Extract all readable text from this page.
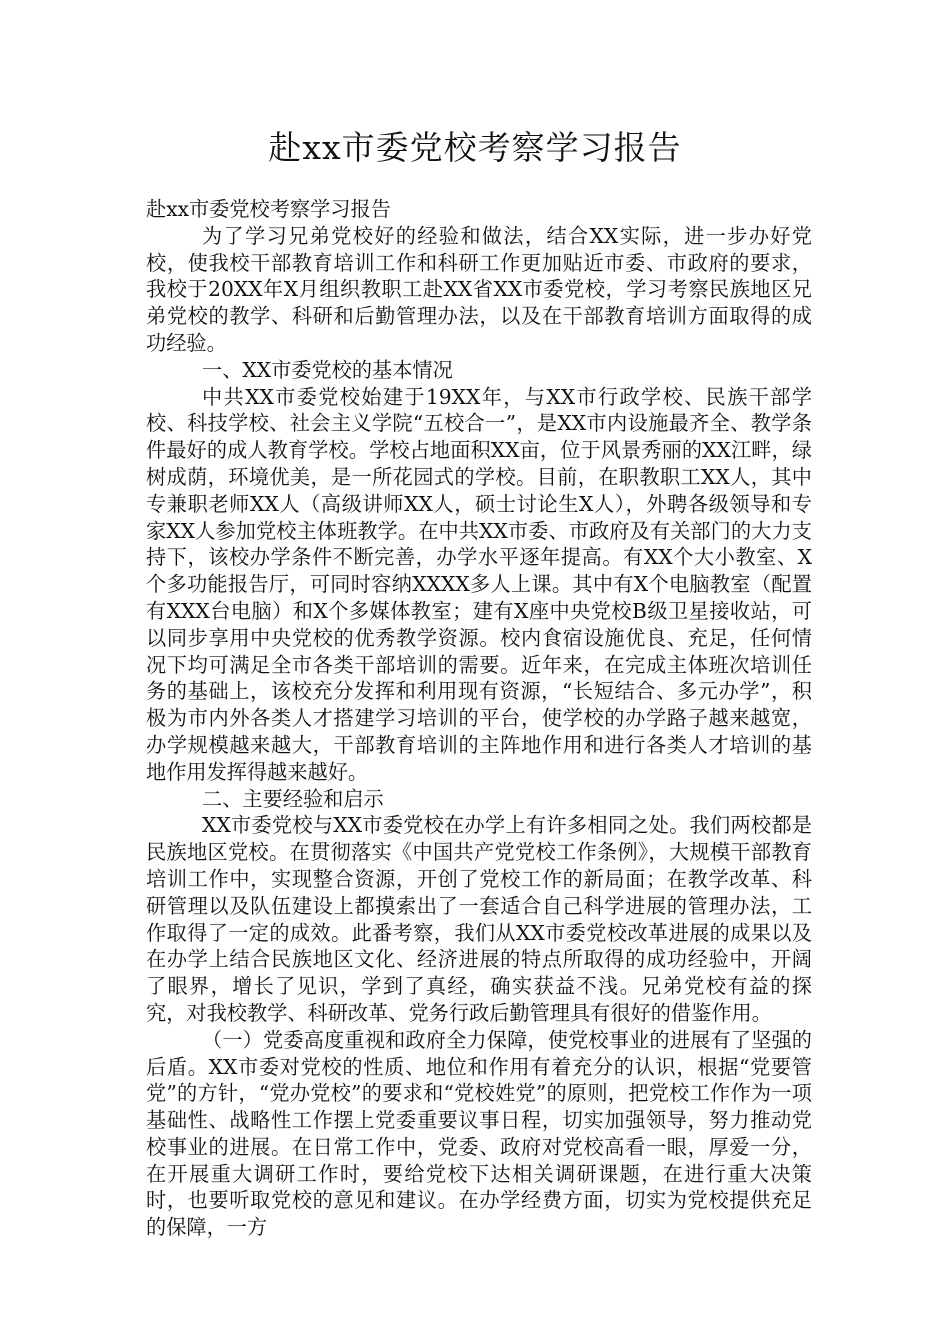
赴xx市委党校考察学习报告

赴xx市委党校考察学习报告

为了学习兄弟党校好的经验和做法，结合XX实际，进一步办好党校，使我校干部教育培训工作和科研工作更加贴近市委、市政府的要求，我校于20XX年X月组织教职工赴XX省XX市委党校，学习考察民族地区兄弟党校的教学、科研和后勤管理办法，以及在干部教育培训方面取得的成功经验。

一、XX市委党校的基本情况

中共XX市委党校始建于19XX年，与XX市行政学校、民族干部学校、科技学校、社会主义学院“五校合一”，是XX市内设施最齐全、教学条件最好的成人教育学校。学校占地面积XX亩，位于风景秀丽的XX江畔，绿树成荫，环境优美，是一所花园式的学校。目前，在职教职工XX人，其中专兼职老师XX人（高级讲师XX人，硕士讨论生X人），外聘各级领导和专家XX人参加党校主体班教学。在中共XX市委、市政府及有关部门的大力支持下，该校办学条件不断完善，办学水平逐年提高。有XX个大小教室、X个多功能报告厅，可同时容纳XXXX多人上课。其中有X个电脑教室（配置有XXX台电脑）和X个多媒体教室；建有X座中央党校B级卫星接收站，可以同步享用中央党校的优秀教学资源。校内食宿设施优良、充足，任何情况下均可满足全市各类干部培训的需要。近年来，在完成主体班次培训任务的基础上，该校充分发挥和利用现有资源，“长短结合、多元办学”，积极为市内外各类人才搭建学习培训的平台，使学校的办学路子越来越宽，办学规模越来越大，干部教育培训的主阵地作用和进行各类人才培训的基地作用发挥得越来越好。

二、主要经验和启示

XX市委党校与XX市委党校在办学上有许多相同之处。我们两校都是民族地区党校。在贯彻落实《中国共产党党校工作条例》，大规模干部教育培训工作中，实现整合资源，开创了党校工作的新局面；在教学改革、科研管理以及队伍建设上都摸索出了一套适合自己科学进展的管理办法，工作取得了一定的成效。此番考察，我们从XX市委党校改革进展的成果以及在办学上结合民族地区文化、经济进展的特点所取得的成功经验中，开阔了眼界，增长了见识，学到了真经，确实获益不浅。兄弟党校有益的探究，对我校教学、科研改革、党务行政后勤管理具有很好的借鉴作用。

（一）党委高度重视和政府全力保障，使党校事业的进展有了坚强的后盾。XX市委对党校的性质、地位和作用有着充分的认识，根据“党要管党”的方针，“党办党校”的要求和“党校姓党”的原则，把党校工作作为一项基础性、战略性工作摆上党委重要议事日程，切实加强领导，努力推动党校事业的进展。在日常工作中，党委、政府对党校高看一眼，厚爱一分，在开展重大调研工作时，要给党校下达相关调研课题，在进行重大决策时，也要听取党校的意见和建议。在办学经费方面，切实为党校提供充足的保障，一方
